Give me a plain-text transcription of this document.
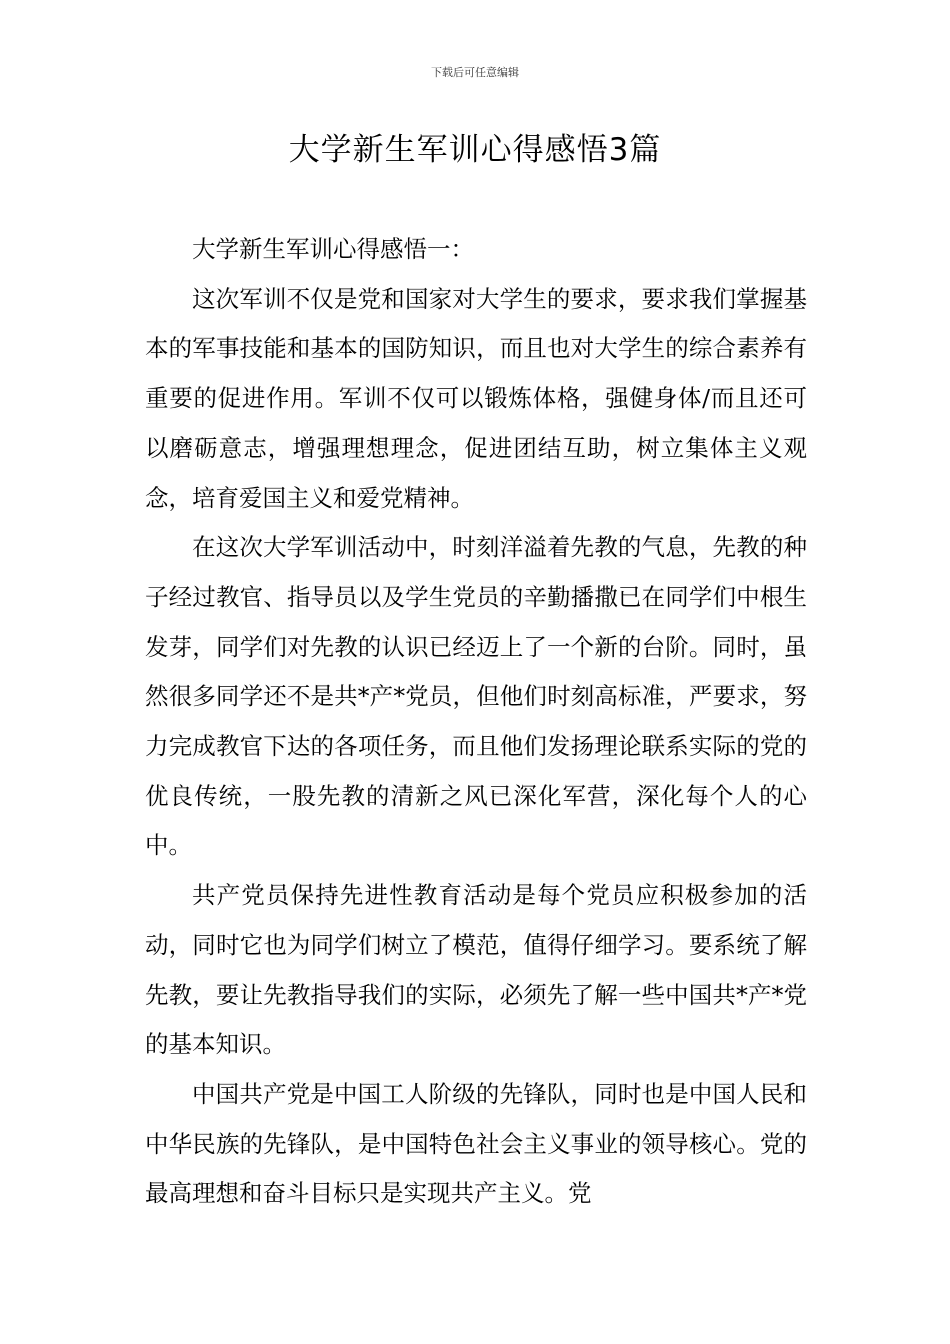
下载后可任意编辑
大学新生军训心得感悟3篇

大学新生军训心得感悟一：

这次军训不仅是党和国家对大学生的要求，要求我们掌握基本的军事技能和基本的国防知识，而且也对大学生的综合素养有重要的促进作用。军训不仅可以锻炼体格，强健身体/而且还可以磨砺意志，增强理想理念，促进团结互助，树立集体主义观念，培育爱国主义和爱党精神。

在这次大学军训活动中，时刻洋溢着先教的气息，先教的种子经过教官、指导员以及学生党员的辛勤播撒已在同学们中根生发芽，同学们对先教的认识已经迈上了一个新的台阶。同时，虽然很多同学还不是共*产*党员，但他们时刻高标准，严要求，努力完成教官下达的各项任务，而且他们发扬理论联系实际的党的优良传统，一股先教的清新之风已深化军营，深化每个人的心中。

共产党员保持先进性教育活动是每个党员应积极参加的活动，同时它也为同学们树立了模范，值得仔细学习。要系统了解先教，要让先教指导我们的实际，必须先了解一些中国共*产*党的基本知识。

中国共产党是中国工人阶级的先锋队，同时也是中国人民和中华民族的先锋队，是中国特色社会主义事业的领导核心。党的最高理想和奋斗目标只是实现共产主义。党
